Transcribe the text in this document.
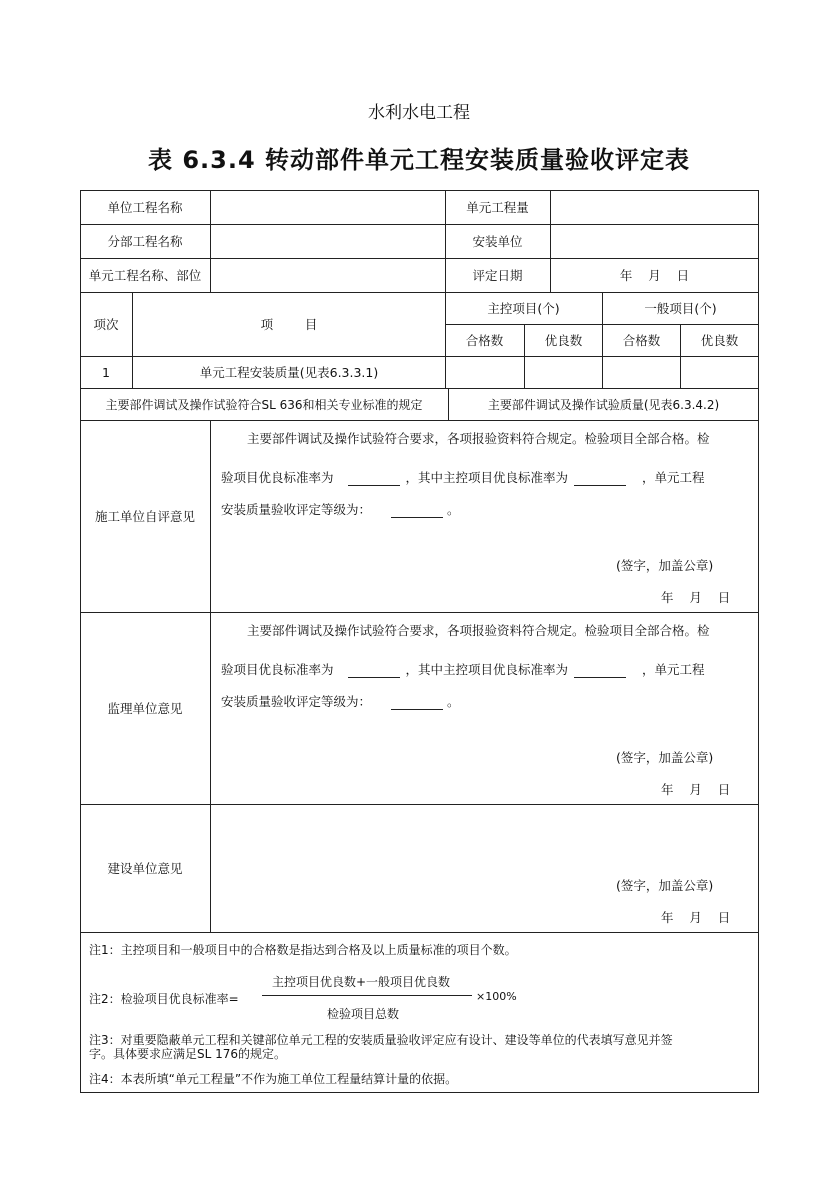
水利水电工程
表 6.3.4 转动部件单元工程安装质量验收评定表
单位工程名称	单元工程量
分部工程名称	安装单位
单元工程名称、部位	评定日期	年    月    日
项次	项        目
主控项目(个)	一般项目(个)
合格数	优良数	合格数	优良数
1	单元工程安装质量(见表6.3.3.1)
主要部件调试及操作试验符合SL 636和相关专业标准的规定	主要部件调试及操作试验质量(见表6.3.4.2)
施工单位自评意见
主要部件调试及操作试验符合要求，各项报验资料符合规定。检验项目全部合格。检
验项目优良标准率为	，其中主控项目优良标准率为	，单元工程
安装质量验收评定等级为：	。
(签字，加盖公章)
年    月    日
监理单位意见
主要部件调试及操作试验符合要求，各项报验资料符合规定。检验项目全部合格。检
验项目优良标准率为	，其中主控项目优良标准率为	，单元工程
安装质量验收评定等级为：	。
(签字，加盖公章)
年    月    日
建设单位意见
(签字，加盖公章)
年    月    日
注1：主控项目和一般项目中的合格数是指达到合格及以上质量标准的项目个数。
注2：检验项目优良标准率=
主控项目优良数+一般项目优良数
检验项目总数
×100%
注3：对重要隐蔽单元工程和关键部位单元工程的安装质量验收评定应有设计、建设等单位的代表填写意见并签
字。具体要求应满足SL 176的规定。
注4：本表所填“单元工程量”不作为施工单位工程量结算计量的依据。
